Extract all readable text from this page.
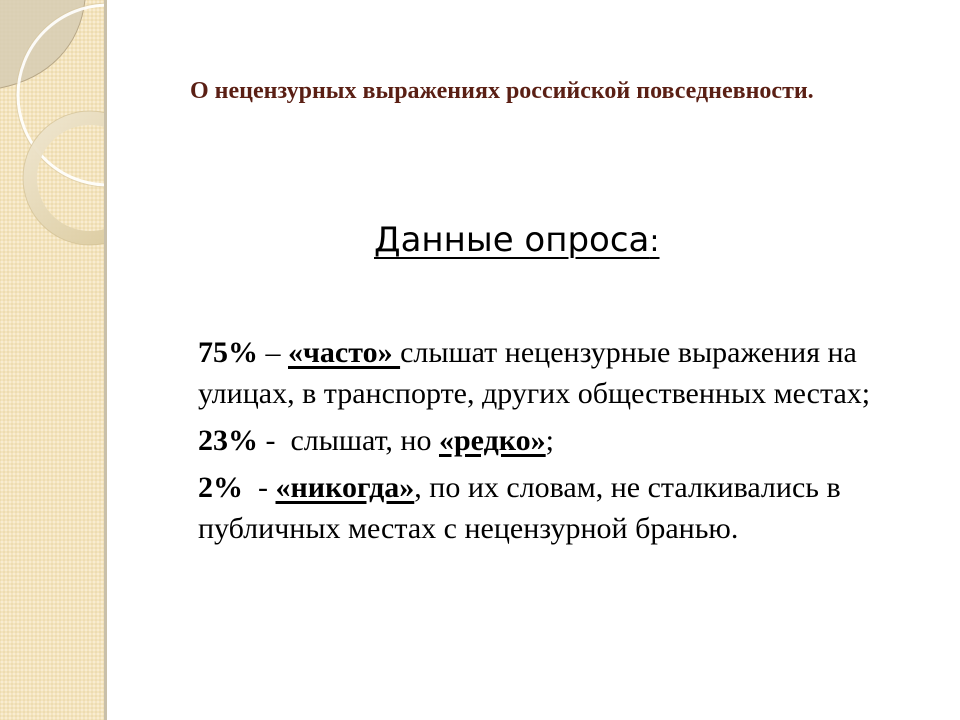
О нецензурных выражениях российской повседневности.
Данные опроса:

75% – «часто» слышат нецензурные выражения на улицах, в транспорте, других общественных местах;

23% -  слышат, но «редко»;

2%  - «никогда», по их словам, не сталкивались в публичных местах с нецензурной бранью.
